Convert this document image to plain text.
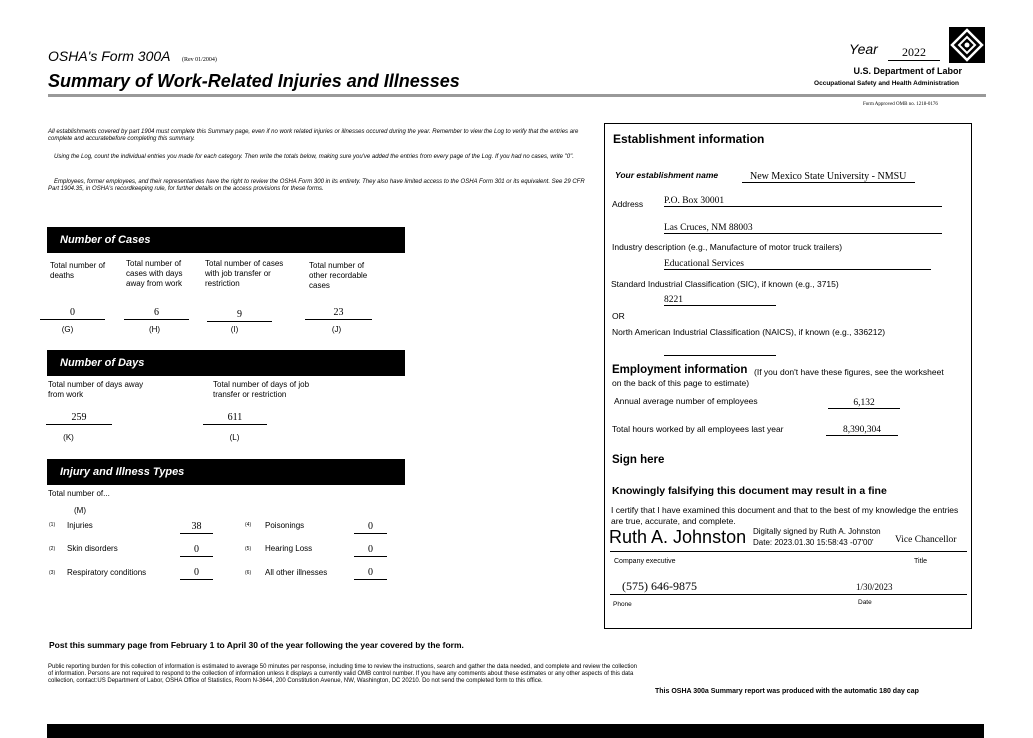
OSHA's Form 300A (Rev 01/2004)
Summary of Work-Related Injuries and Illnesses
Year	2022
U.S. Department of Labor
Occupational Safety and Health Administration
Form Approved OMB no. 1218-0176
All establishments covered by part 1904 must complete this Summary page, even if no work related injuries or illnesses occured during the year. Remember to view the Log to verify that the entries are complete and accuratebefore completing this summary.
Using the Log, count the individual entries you made for each category. Then write the totals below, making sure you've added the entries from every page of the Log. If you had no cases, write "0".
Employees, former employees, and their representatives have the right to review the OSHA Form 300 in its entirety. They also have limited access to the OSHA Form 301 or its equivalent. See 29 CFR Part 1904.35, in OSHA's recordkeeping rule, for further details on the access provisions for these forms.
Number of Cases
Total number of deaths
Total number of cases with days away from work
Total number of cases with job transfer or restriction
Total number of other recordable cases
0	6	9	23
(G)	(H)	(I)	(J)
Number of Days
Total number of days away from work
Total number of days of job transfer or restriction
259	611
(K)	(L)
Injury and Illness Types
Total number of...
(M)
(1) Injuries	38
(2) Skin disorders	0
(3) Respiratory conditions	0
(4) Poisonings	0
(5) Hearing Loss	0
(6) All other illnesses	0
Establishment information
Your establishment name	New Mexico State University - NMSU
Address P.O. Box 30001
Las Cruces, NM 88003
Industry description (e.g., Manufacture of motor truck trailers)
Educational Services
Standard Industrial Classification (SIC), if known (e.g., 3715)
8221
OR
North American Industrial Classification (NAICS), if known (e.g., 336212)
Employment information (If you don't have these figures, see the worksheet on the back of this page to estimate)
Annual average number of employees	6,132
Total hours worked by all employees last year	8,390,304
Sign here
Knowingly falsifying this document may result in a fine
I certify that I have examined this document and that to the best of my knowledge the entries are true, accurate, and complete.
Ruth A. Johnston Digitally signed by Ruth A. Johnston
Date: 2023.01.30 15:58:43 -07'00' Vice Chancellor
Company executive	Title
(575) 646-9875	1/30/2023
Phone	Date
Post this summary page from February 1 to April 30 of the year following the year covered by the form.
Public reporting burden for this collection of information is estimated to average 50 minutes per response, including time to review the instructions, search and gather the data needed, and complete and review the collection of information. Persons are not required to respond to the collection of information unless it displays a currently valid OMB control number. If you have any comments about these estimates or any other aspects of this data collection, contact:US Department of Labor, OSHA Office of Statistics, Room N-3644, 200 Constitution Avenue, NW, Washington, DC 20210. Do not send the completed form to this office.
This OSHA 300a Summary report was produced with the automatic 180 day cap
